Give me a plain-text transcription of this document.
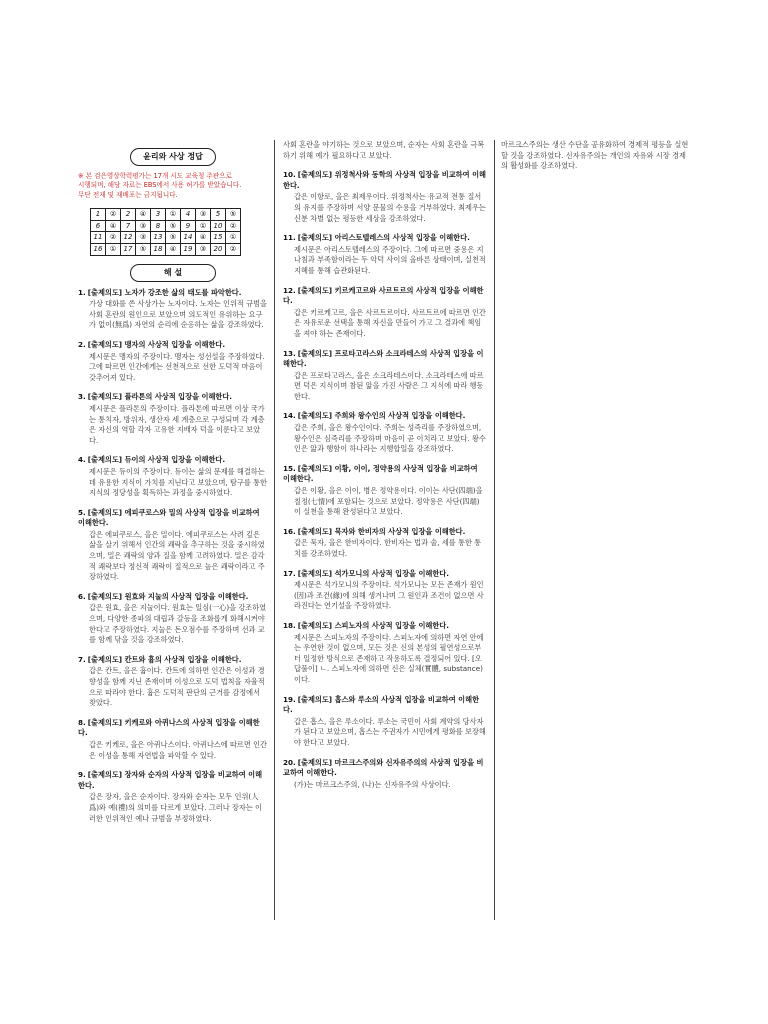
윤리와 사상 정답
※ 본 검은영상학력평가는 17개 시도 교육청 주관으로
시행되며, 해당 자료는 EBS에서 사용 허가를 받았습니다.
무단 전재 및 재배포는 금지됩니다.
1	②	2	④	3	①	4	③	5	⑤
6	④	7	③	8	⑤	9	①	10	②
11	②	12	③	13	⑤	14	④	15	①
16	①	17	⑤	18	④	19	③	20	②
해 설
1. [출제의도] 노자가 강조한 삶의 태도를 파악한다.
가상 대화를 쓴 사상가는 노자이다. 노자는 인위적 규범을 사회 혼란의 원인으로 보았으며 의도적인 유위하는 요구가 없이(無爲) 자연의 순리에 순응하는 삶을 강조하였다.
2. [출제의도] 맹자의 사상적 입장을 이해한다.
제시문은 맹자의 주장이다. 맹자는 성선설을 주장하였다. 그에 따르면 인간에게는 선천적으로 선한 도덕적 마음이 갖추어져 있다.
3. [출제의도] 플라톤의 사상적 입장을 이해한다.
제시문은 플라톤의 주장이다. 플라톤에 따르면 이상 국가는 통치자, 방위자, 생산자 세 계층으로 구성되며 각 계층은 자신의 역할 각자 고유한 지배자 덕을 이룬다고 보았다.
4. [출제의도] 듀이의 사상적 입장을 이해한다.
제시문은 듀이의 주장이다. 듀이는 삶의 문제를 해결하는 데 유용한 지식이 가치를 지닌다고 보았으며, 탐구를 통한 지식의 정당성을 획득하는 과정을 중시하였다.
5. [출제의도] 에피쿠로스와 밀의 사상적 입장을 비교하여 이해한다.
갑은 에피쿠로스, 을은 밀이다. 에피쿠로스는 사려 깊은 삶을 살기 위해서 인간의 쾌락을 추구하는 것을 중시하였으며, 밀은 쾌락의 양과 질을 함께 고려하였다. 밀은 감각적 쾌락보다 정신적 쾌락이 질적으로 높은 쾌락이라고 주장하였다.
6. [출제의도] 원효와 지눌의 사상적 입장을 이해한다.
갑은 원효, 을은 지눌이다. 원효는 일심(一心)을 강조하였으며, 다양한 종파의 대립과 갈등을 조화롭게 화해시켜야 한다고 주장하였다. 지눌은 돈오점수를 주장하며 선과 교를 함께 닦을 것을 강조하였다.
7. [출제의도] 칸트와 흄의 사상적 입장을 이해한다.
갑은 칸트, 을은 흄이다. 칸트에 의하면 인간은 이성과 경향성을 함께 지닌 존재이며 이성으로 도덕 법칙을 자율적으로 따라야 한다. 흄은 도덕적 판단의 근거를 감정에서 찾았다.
8. [출제의도] 키케로와 아퀴나스의 사상적 입장을 이해한다.
갑은 키케로, 을은 아퀴나스이다. 아퀴나스에 따르면 인간은 이성을 통해 자연법을 파악할 수 있다.
9. [출제의도] 장자와 순자의 사상적 입장을 비교하여 이해한다.
갑은 장자, 을은 순자이다. 장자와 순자는 모두 인위(人爲)와 예(禮)의 의미를 다르게 보았다. 그러나 장자는 이러한 인위적인 예나 규범을 부정하였다.
사회 혼란을 야기하는 것으로 보았으며, 순자는 사회 혼란을 극복하기 위해 예가 필요하다고 보았다.
10. [출제의도] 위정척사와 동학의 사상적 입장을 비교하여 이해한다.
갑은 이항로, 을은 최제우이다. 위정척사는 유교적 전통 질서의 유지를 주장하며 서양 문물의 수용을 거부하였다. 최제우는 신분 차별 없는 평등한 세상을 강조하였다.
11. [출제의도] 아리스토텔레스의 사상적 입장을 이해한다.
제시문은 아리스토텔레스의 주장이다. 그에 따르면 중용은 지나침과 부족함이라는 두 악덕 사이의 올바른 상태이며, 실천적 지혜를 통해 습관화된다.
12. [출제의도] 키르케고르와 사르트르의 사상적 입장을 이해한다.
갑은 키르케고르, 을은 사르트르이다. 사르트르에 따르면 인간은 자유로운 선택을 통해 자신을 만들어 가고 그 결과에 책임을 져야 하는 존재이다.
13. [출제의도] 프로타고라스와 소크라테스의 사상적 입장을 이해한다.
갑은 프로타고라스, 을은 소크라테스이다. 소크라테스에 따르면 덕은 지식이며 참된 앎을 가진 사람은 그 지식에 따라 행동한다.
14. [출제의도] 주희와 왕수인의 사상적 입장을 이해한다.
갑은 주희, 을은 왕수인이다. 주희는 성즉리를 주장하였으며, 왕수인은 심즉리를 주장하며 마음이 곧 이치라고 보았다. 왕수인은 앎과 행함이 하나라는 지행합일을 강조하였다.
15. [출제의도] 이황, 이이, 정약용의 사상적 입장을 비교하여 이해한다.
갑은 이황, 을은 이이, 병은 정약용이다. 이이는 사단(四端)을 칠정(七情)에 포함되는 것으로 보았다. 정약용은 사단(四端)이 실천을 통해 완성된다고 보았다.
16. [출제의도] 묵자와 한비자의 사상적 입장을 이해한다.
갑은 묵자, 을은 한비자이다. 한비자는 법과 술, 세를 통한 통치를 강조하였다.
17. [출제의도] 석가모니의 사상적 입장을 이해한다.
제시문은 석가모니의 주장이다. 석가모니는 모든 존재가 원인(因)과 조건(緣)에 의해 생겨나며 그 원인과 조건이 없으면 사라진다는 연기설을 주장하였다.
18. [출제의도] 스피노자의 사상적 입장을 이해한다.
제시문은 스피노자의 주장이다. 스피노자에 의하면 자연 안에는 우연한 것이 없으며, 모든 것은 신의 본성의 필연성으로부터 일정한 방식으로 존재하고 작용하도록 결정되어 있다. [오답풀이] ㄴ. 스피노자에 의하면 신은 실체(實體, substance)이다.
19. [출제의도] 홉스와 루소의 사상적 입장을 비교하여 이해한다.
갑은 홉스, 을은 루소이다. 루소는 국민이 사회 계약의 당사자가 된다고 보았으며, 홉스는 주권자가 시민에게 평화를 보장해야 한다고 보았다.
20. [출제의도] 마르크스주의와 신자유주의의 사상적 입장을 비교하여 이해한다.
(가)는 마르크스주의, (나)는 신자유주의 사상이다.
마르크스주의는 생산 수단을 공유화하여 경제적 평등을 실현할 것을 강조하였다. 신자유주의는 개인의 자유와 시장 경제의 활성화를 강조하였다.
